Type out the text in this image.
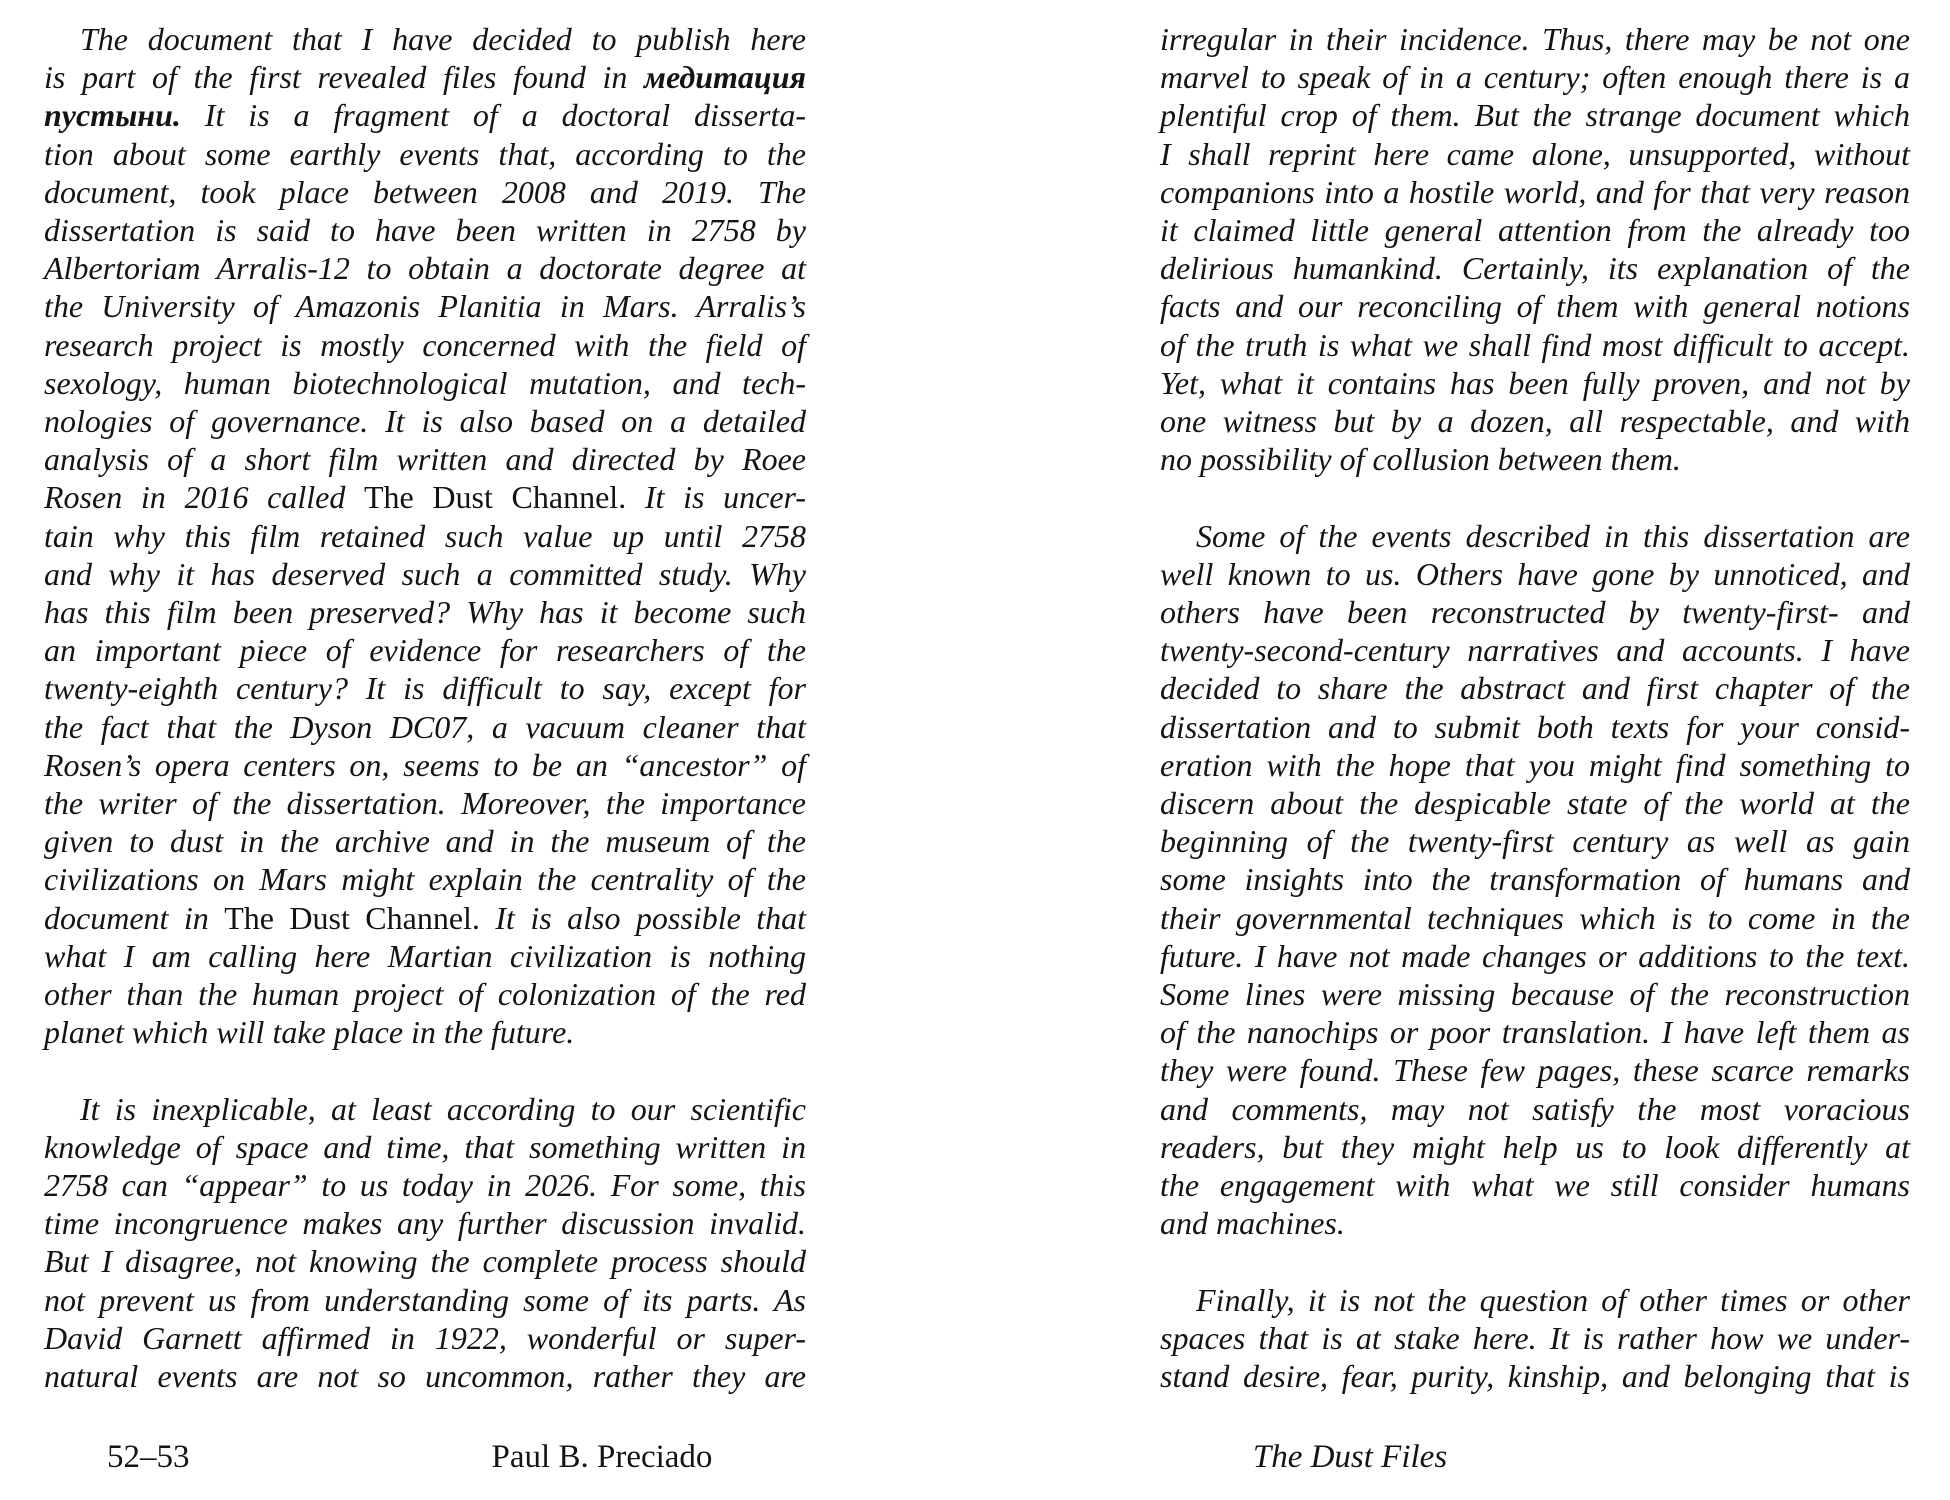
The document that I have decided to publish here
is part of the first revealed files found in медитация
пустыни. It is a fragment of a doctoral disserta-
tion about some earthly events that, according to the
document, took place between 2008 and 2019. The
dissertation is said to have been written in 2758 by
Albertoriam Arralis-12 to obtain a doctorate degree at
the University of Amazonis Planitia in Mars. Arralis’s
research project is mostly concerned with the field of
sexology, human biotechnological mutation, and tech-
nologies of governance. It is also based on a detailed
analysis of a short film written and directed by Roee
Rosen in 2016 called The Dust Channel. It is uncer-
tain why this film retained such value up until 2758
and why it has deserved such a committed study. Why
has this film been preserved? Why has it become such
an important piece of evidence for researchers of the
twenty-eighth century? It is difficult to say, except for
the fact that the Dyson DC07, a vacuum cleaner that
Rosen’s opera centers on, seems to be an “ancestor” of
the writer of the dissertation. Moreover, the importance
given to dust in the archive and in the museum of the
civilizations on Mars might explain the centrality of the
document in The Dust Channel. It is also possible that
what I am calling here Martian civilization is nothing
other than the human project of colonization of the red
planet which will take place in the future.
It is inexplicable, at least according to our scientific
knowledge of space and time, that something written in
2758 can “appear” to us today in 2026. For some, this
time incongruence makes any further discussion invalid.
But I disagree, not knowing the complete process should
not prevent us from understanding some of its parts. As
David Garnett affirmed in 1922, wonderful or super-
natural events are not so uncommon, rather they are
52–53	Paul B. Preciado
irregular in their incidence. Thus, there may be not one
marvel to speak of in a century; often enough there is a
plentiful crop of them. But the strange document which
I shall reprint here came alone, unsupported, without
companions into a hostile world, and for that very reason
it claimed little general attention from the already too
delirious humankind. Certainly, its explanation of the
facts and our reconciling of them with general notions
of the truth is what we shall find most difficult to accept.
Yet, what it contains has been fully proven, and not by
one witness but by a dozen, all respectable, and with
no possibility of collusion between them.
Some of the events described in this dissertation are
well known to us. Others have gone by unnoticed, and
others have been reconstructed by twenty-first- and
twenty-second-century narratives and accounts. I have
decided to share the abstract and first chapter of the
dissertation and to submit both texts for your consid-
eration with the hope that you might find something to
discern about the despicable state of the world at the
beginning of the twenty-first century as well as gain
some insights into the transformation of humans and
their governmental techniques which is to come in the
future. I have not made changes or additions to the text.
Some lines were missing because of the reconstruction
of the nanochips or poor translation. I have left them as
they were found. These few pages, these scarce remarks
and comments, may not satisfy the most voracious
readers, but they might help us to look differently at
the engagement with what we still consider humans
and machines.
Finally, it is not the question of other times or other
spaces that is at stake here. It is rather how we under-
stand desire, fear, purity, kinship, and belonging that is
The Dust Files
